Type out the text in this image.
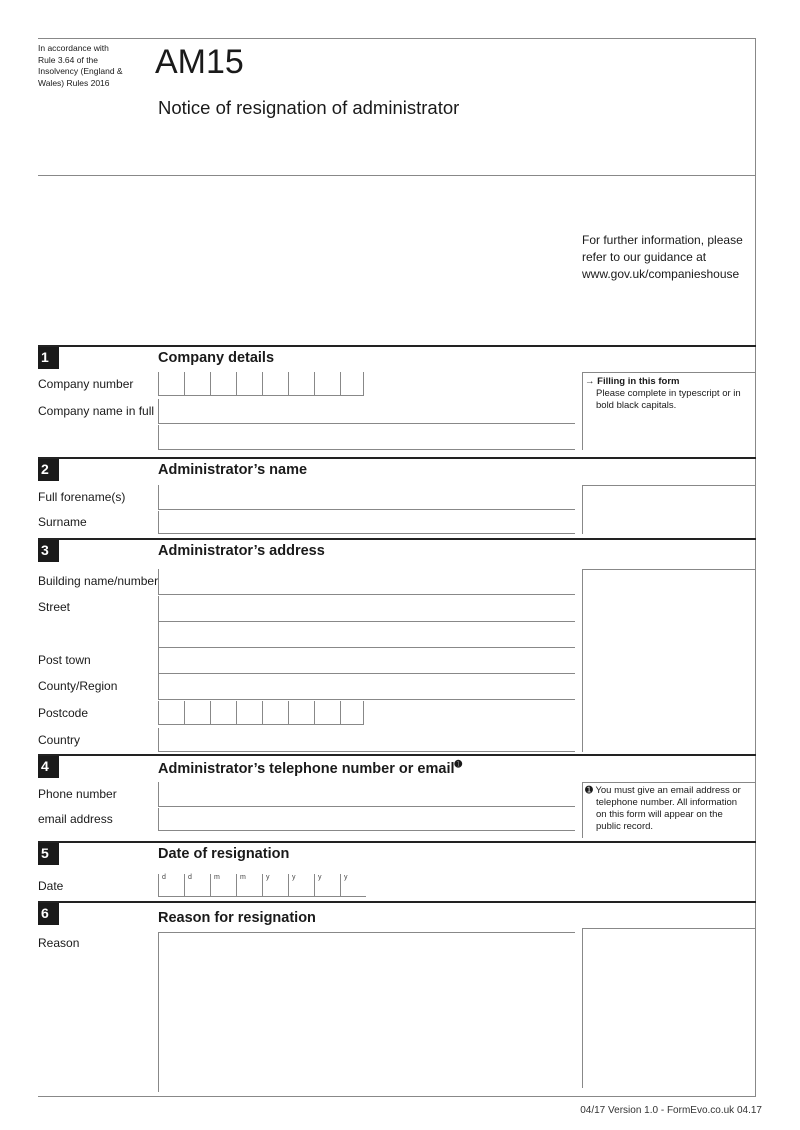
In accordance with
Rule 3.64 of the
Insolvency (England &
Wales) Rules 2016
AM15
Notice of resignation of administrator
For further information, please
refer to our guidance at
www.gov.uk/companieshouse
1	Company details
Company number
Company name in full
→ Filling in this form
Please complete in typescript or in
bold black capitals.
2	Administrator’s name
Full forename(s)
Surname
3	Administrator’s address
Building name/number
Street
Post town
County/Region
Postcode
Country
4	Administrator’s telephone number or email$^➊$
Phone number
email address
➊ You must give an email address or
telephone number. All information
on this form will appear on the
public record.
5	Date of resignation
Date
d	d	m	m	y	y	y	y
6	Reason for resignation
Reason
04/17 Version 1.0 - FormEvo.co.uk 04.17
